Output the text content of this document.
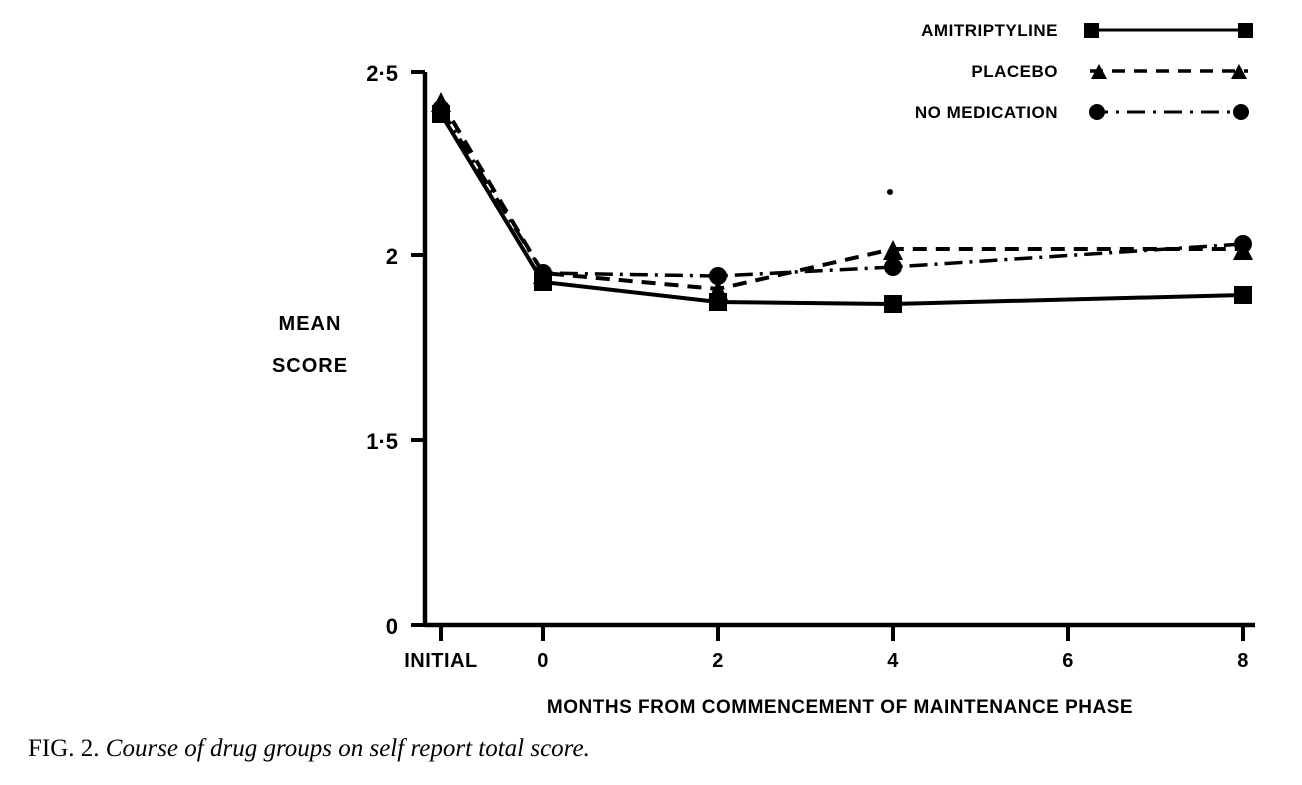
AMITRIPTYLINE
PLACEBO
NO MEDICATION
2·5
2
1·5
0
MEAN
SCORE
INITIAL	0	2	4	6	8
MONTHS FROM COMMENCEMENT OF MAINTENANCE PHASE
FIG. 2. Course of drug groups on self report total score.
